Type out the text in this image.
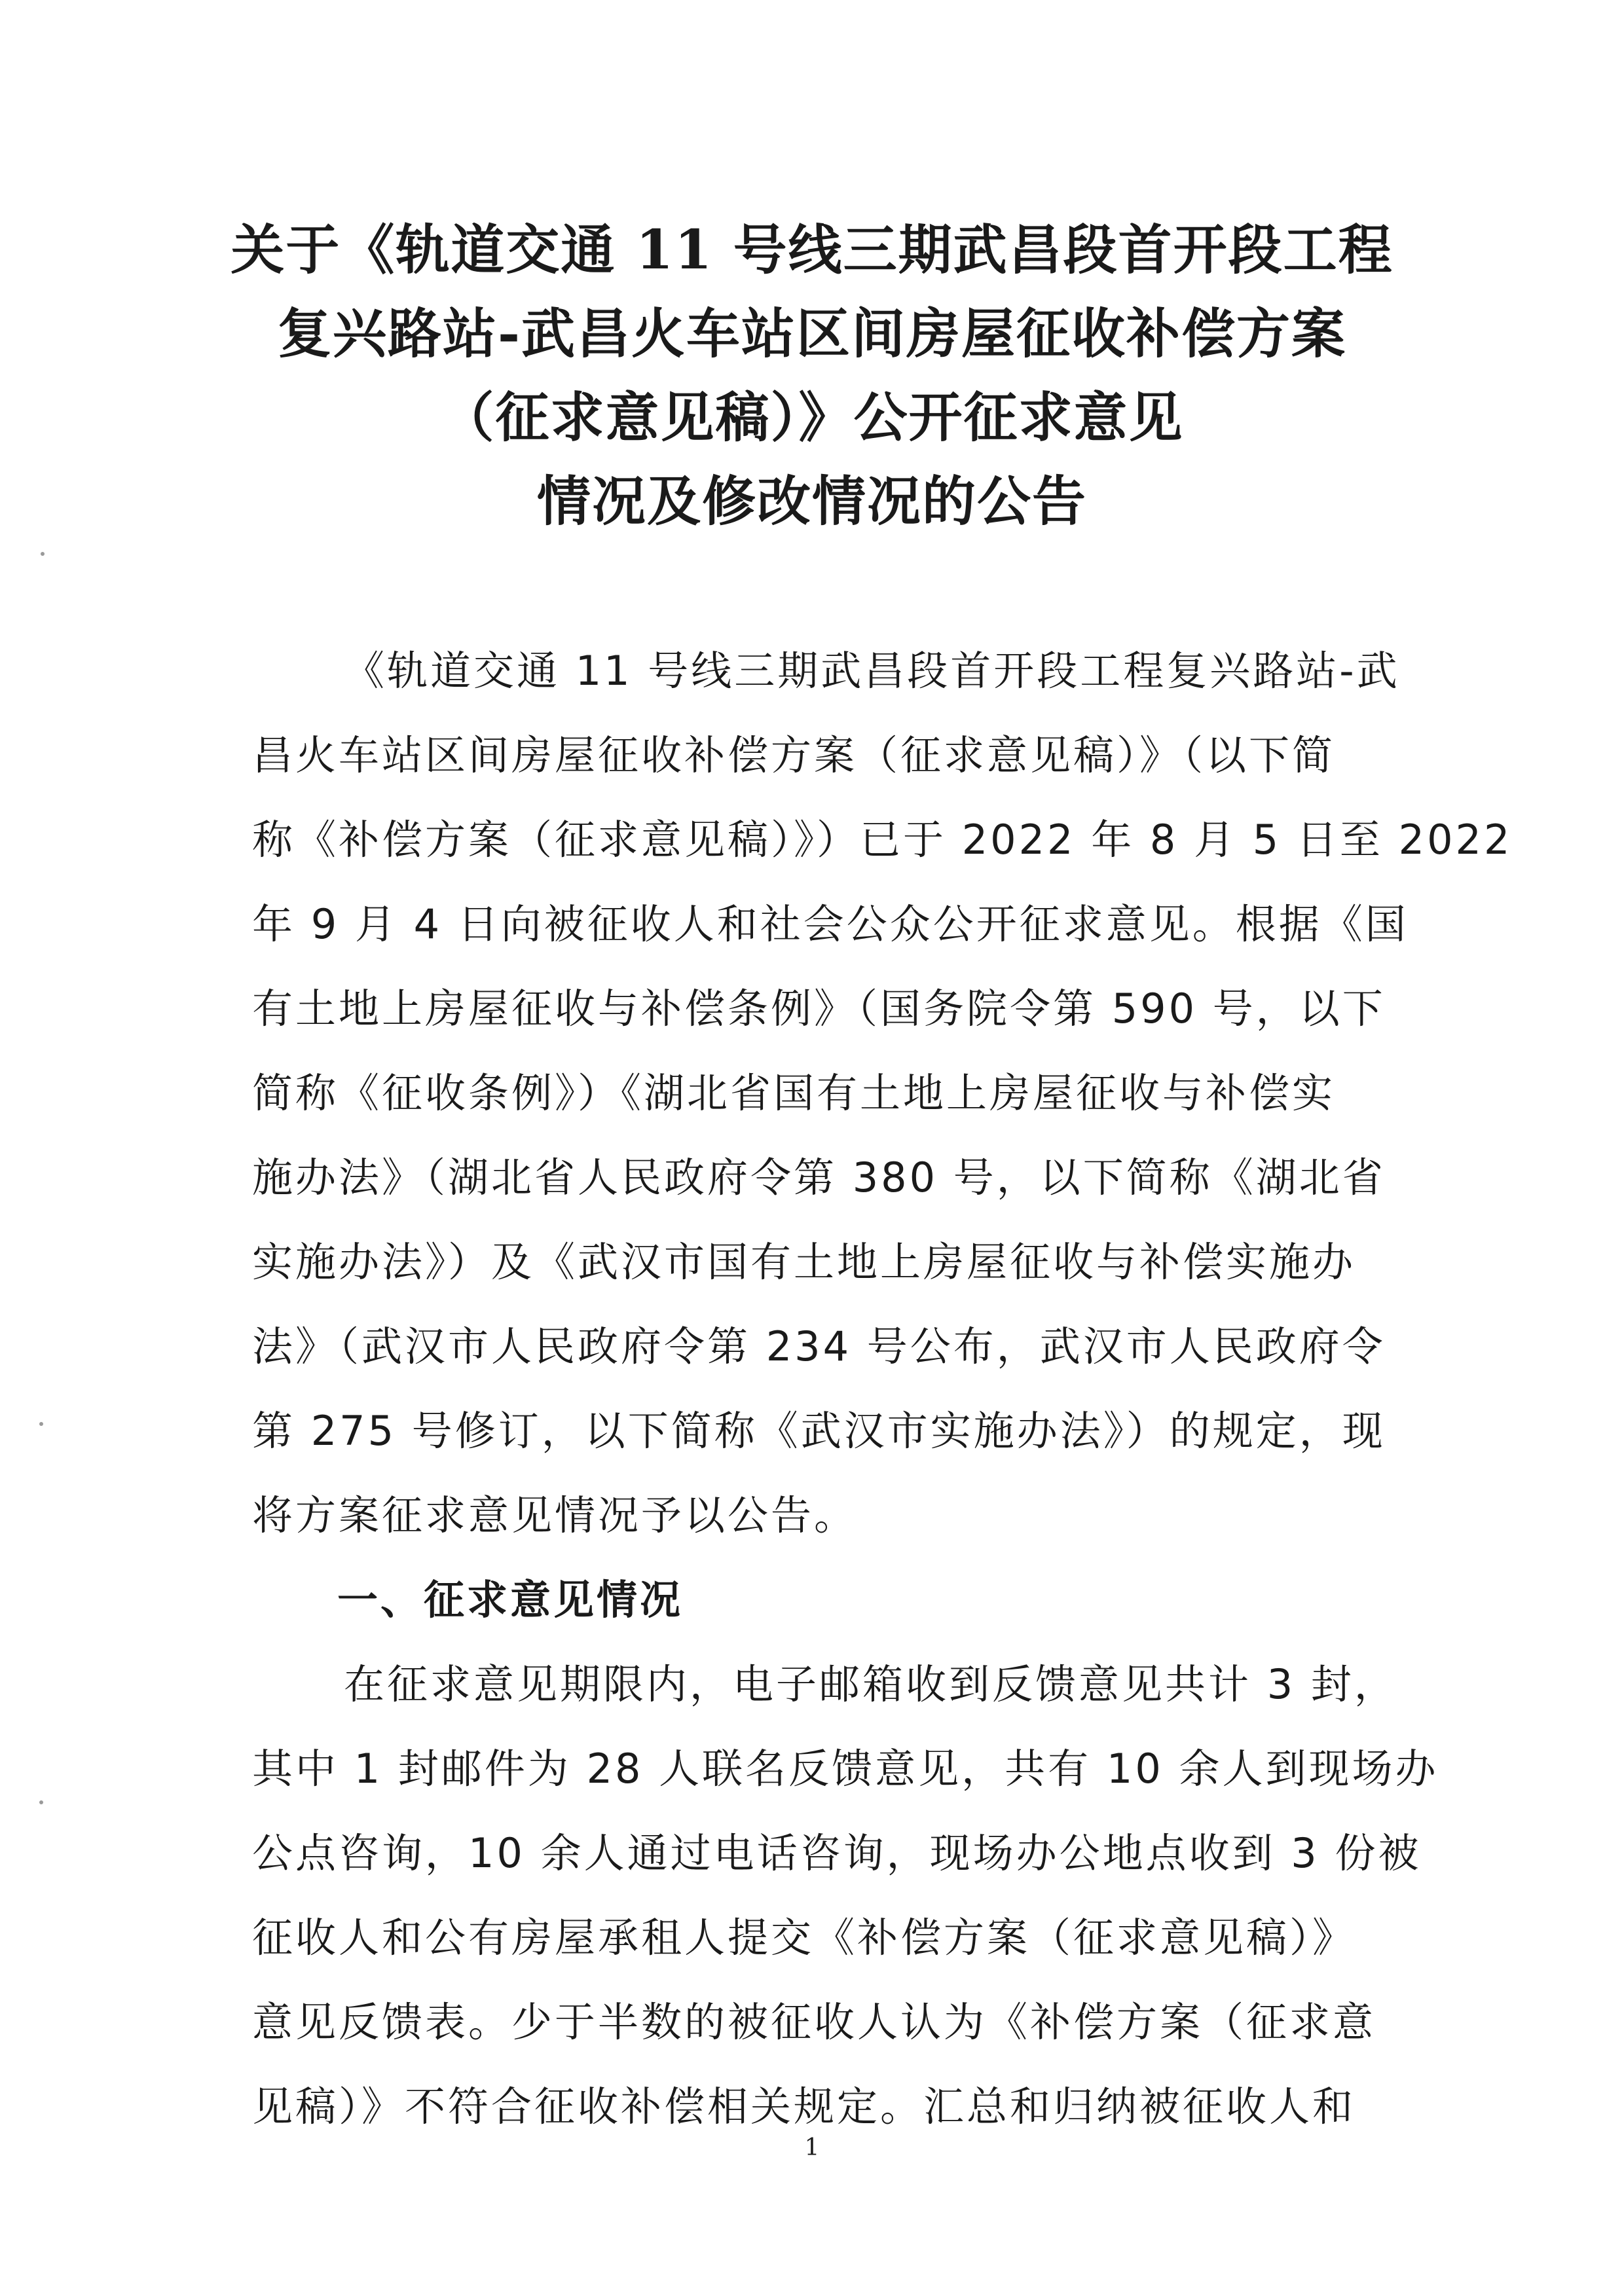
关于《轨道交通 11 号线三期武昌段首开段工程
复兴路站-武昌火车站区间房屋征收补偿方案
（征求意见稿）》公开征求意见
情况及修改情况的公告
《轨道交通 11 号线三期武昌段首开段工程复兴路站-武
昌火车站区间房屋征收补偿方案（征求意见稿）》（以下简
称《补偿方案（征求意见稿）》）已于 2022 年 8 月 5 日至 2022
年 9 月 4 日向被征收人和社会公众公开征求意见。根据《国
有土地上房屋征收与补偿条例》（国务院令第 590 号，以下
简称《征收条例》）《湖北省国有土地上房屋征收与补偿实
施办法》（湖北省人民政府令第 380 号，以下简称《湖北省
实施办法》）及《武汉市国有土地上房屋征收与补偿实施办
法》（武汉市人民政府令第 234 号公布，武汉市人民政府令
第 275 号修订，以下简称《武汉市实施办法》）的规定，现
将方案征求意见情况予以公告。
一、征求意见情况
在征求意见期限内，电子邮箱收到反馈意见共计 3 封，
其中 1 封邮件为 28 人联名反馈意见，共有 10 余人到现场办
公点咨询，10 余人通过电话咨询，现场办公地点收到 3 份被
征收人和公有房屋承租人提交《补偿方案（征求意见稿）》
意见反馈表。少于半数的被征收人认为《补偿方案（征求意
见稿）》不符合征收补偿相关规定。汇总和归纳被征收人和
1
